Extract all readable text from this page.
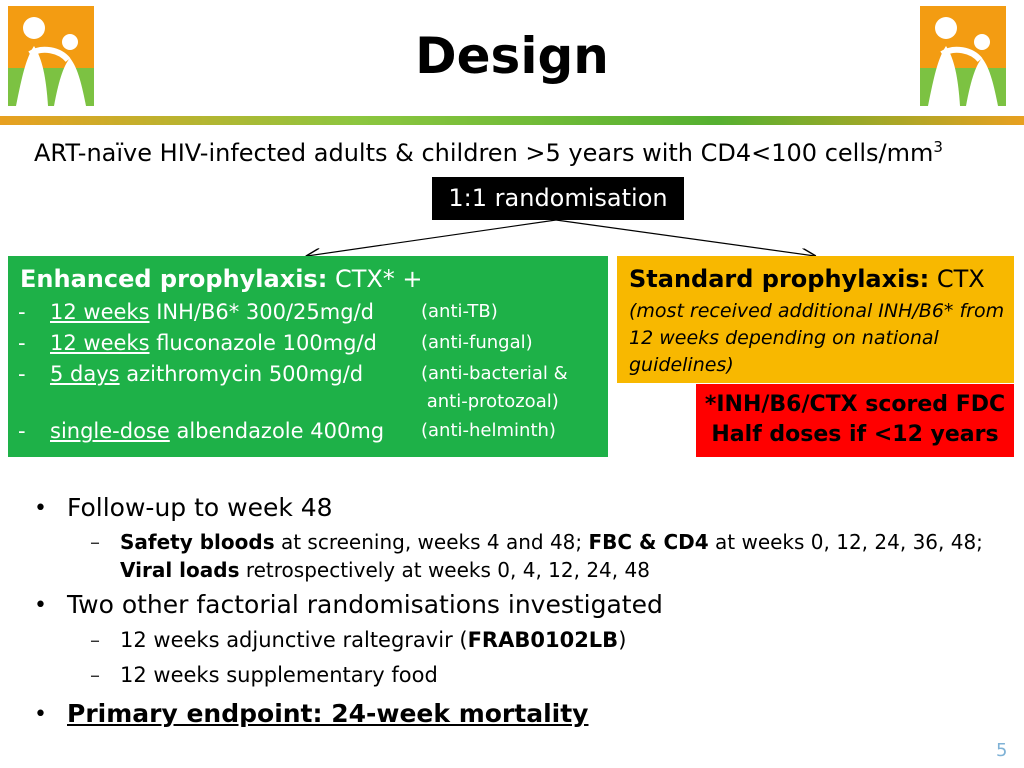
Design
ART-naïve HIV-infected adults & children >5 years with CD4<100 cells/$mm^3$
1:1 randomisation
Enhanced prophylaxis: CTX* +
- 12 weeks INH/B6* 300/25mg/d	(anti-TB)
- 12 weeks fluconazole 100mg/d (anti-fungal)
- 5 days azithromycin 500mg/d	(anti-bacterial &
anti-protozoal)
- single-dose albendazole 400mg (anti-helminth)
Standard prophylaxis: CTX
(most received additional INH/B6* from 12 weeks depending on national guidelines)
*INH/B6/CTX scored FDC
Half doses if <12 years
• Follow-up to week 48
– Safety bloods at screening, weeks 4 and 48; FBC & CD4 at weeks 0, 12, 24, 36, 48;
Viral loads retrospectively at weeks 0, 4, 12, 24, 48
• Two other factorial randomisations investigated
– 12 weeks adjunctive raltegravir (FRAB0102LB)
– 12 weeks supplementary food
• Primary endpoint: 24-week mortality
5
